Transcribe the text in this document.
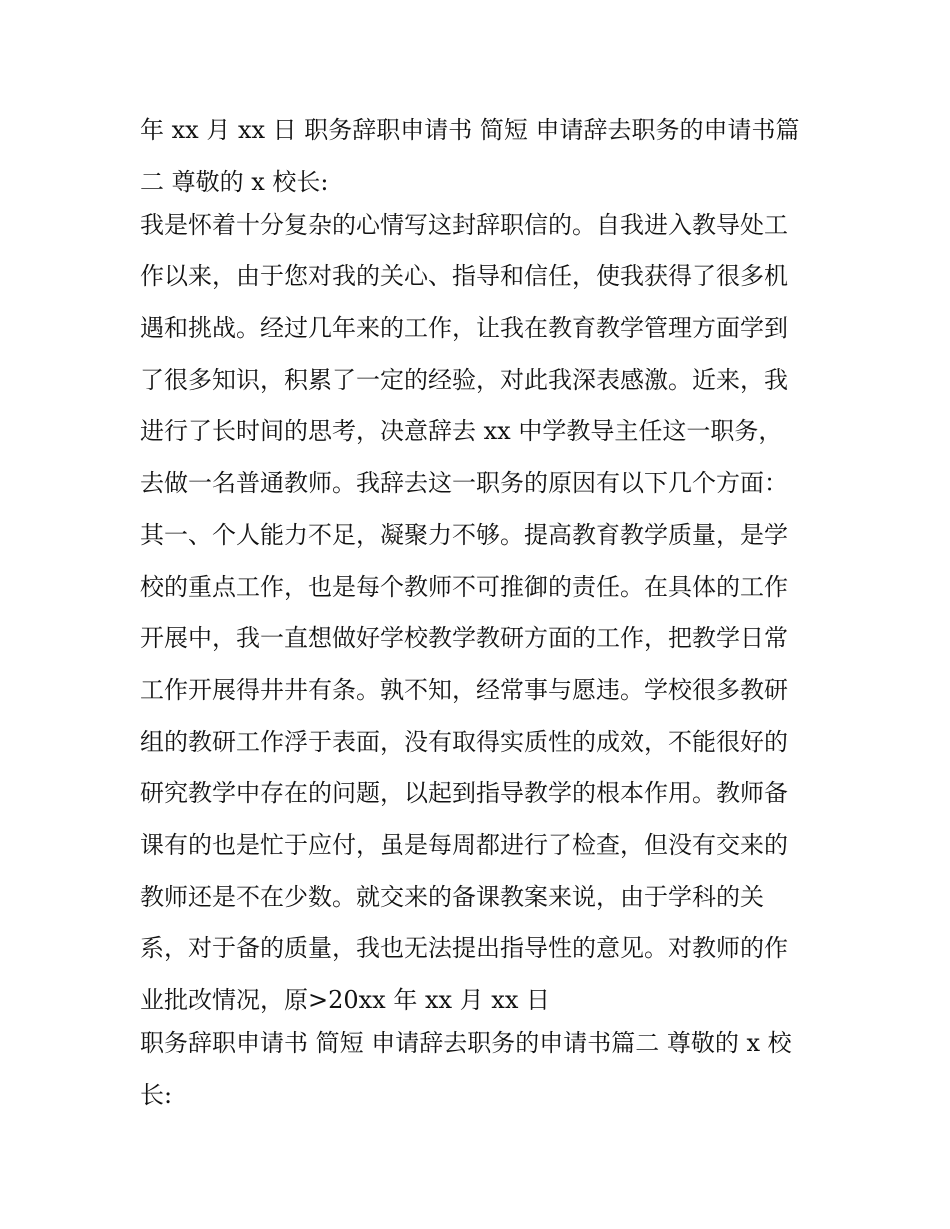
年 xx 月 xx 日 职务辞职申请书 简短 申请辞去职务的申请书篇
二 尊敬的 x 校长:
我是怀着十分复杂的心情写这封辞职信的。自我进入教导处工
作以来，由于您对我的关心、指导和信任，使我获得了很多机
遇和挑战。经过几年来的工作，让我在教育教学管理方面学到
了很多知识，积累了一定的经验，对此我深表感激。近来，我
进行了长时间的思考，决意辞去 xx 中学教导主任这一职务，
去做一名普通教师。我辞去这一职务的原因有以下几个方面：
其一、个人能力不足，凝聚力不够。提高教育教学质量，是学
校的重点工作，也是每个教师不可推御的责任。在具体的工作
开展中，我一直想做好学校教学教研方面的工作，把教学日常
工作开展得井井有条。孰不知，经常事与愿违。学校很多教研
组的教研工作浮于表面，没有取得实质性的成效，不能很好的
研究教学中存在的问题，以起到指导教学的根本作用。教师备
课有的也是忙于应付，虽是每周都进行了检查，但没有交来的
教师还是不在少数。就交来的备课教案来说，由于学科的关
系，对于备的质量，我也无法提出指导性的意见。对教师的作
业批改情况，原>20xx 年 xx 月 xx 日
职务辞职申请书 简短 申请辞去职务的申请书篇二 尊敬的 x 校
长:
